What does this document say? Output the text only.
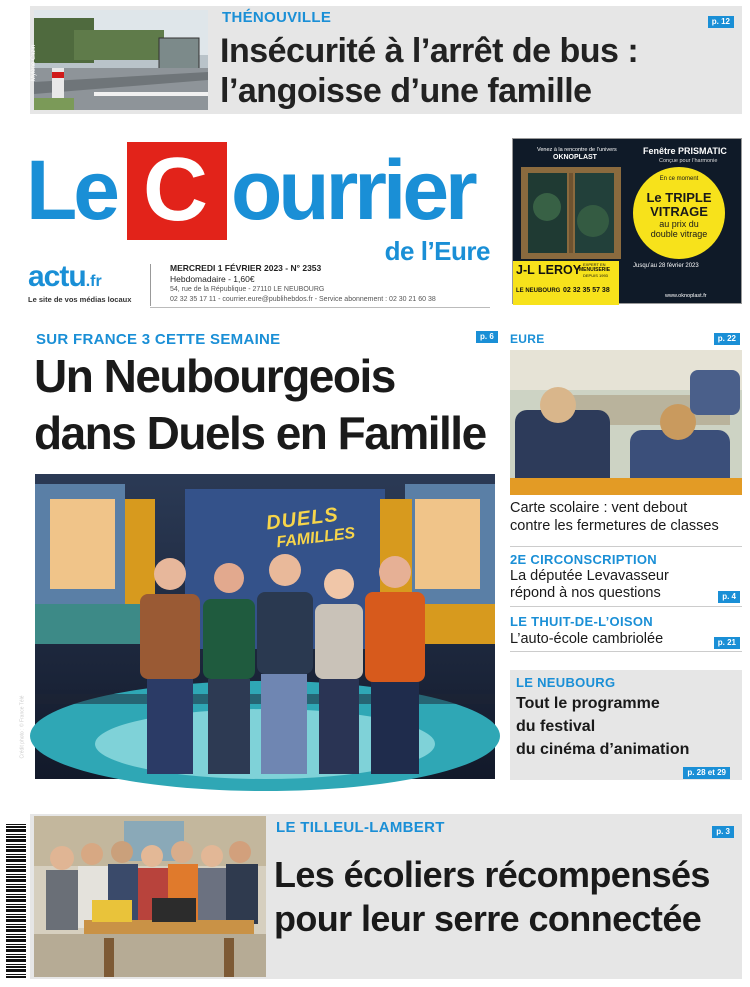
Mylène Cazin
THÉNOUVILLE	p. 12
Insécurité à l’arrêt de bus :
l’angoisse d’une famille
Le C ourrier
de l’Eure
actu.fr
Le site de vos médias locaux
MERCREDI 1 FÉVRIER 2023 - N° 2353
Hebdomadaire - 1,60€
54, rue de la République - 27110 LE NEUBOURG
02 32 35 17 11 - courrier.eure@publihebdos.fr - Service abonnement : 02 30 21 60 38
Venez à la rencontre de l’univers
OKNOPLAST
Fenêtre PRISMATIC
Conçue pour l’harmonie
En ce moment
Le TRIPLE
VITRAGE
au prix du
double vitrage
J-L LEROY EXPERT EN
MENUISERIE
DEPUIS 1993
LE NEUBOURG 02 32 35 57 38
Jusqu’au 28 février 2023
www.oknoplast.fr
SUR FRANCE 3 CETTE SEMAINE	p. 6
Un Neubourgeois
dans Duels en Famille
DUELS
FAMILLES
Crédit photo : © France Télé
EURE	p. 22
Carte scolaire : vent debout
contre les fermetures de classes
2E CIRCONSCRIPTION
La députée Levavasseur
répond à nos questions	p. 4
LE THUIT-DE-L’OISON
L’auto-école cambriolée	p. 21
LE NEUBOURG
Tout le programme
du festival
du cinéma d’animation
p. 28 et 29
LE TILLEUL-LAMBERT	p. 3
Les écoliers récompensés
pour leur serre connectée
